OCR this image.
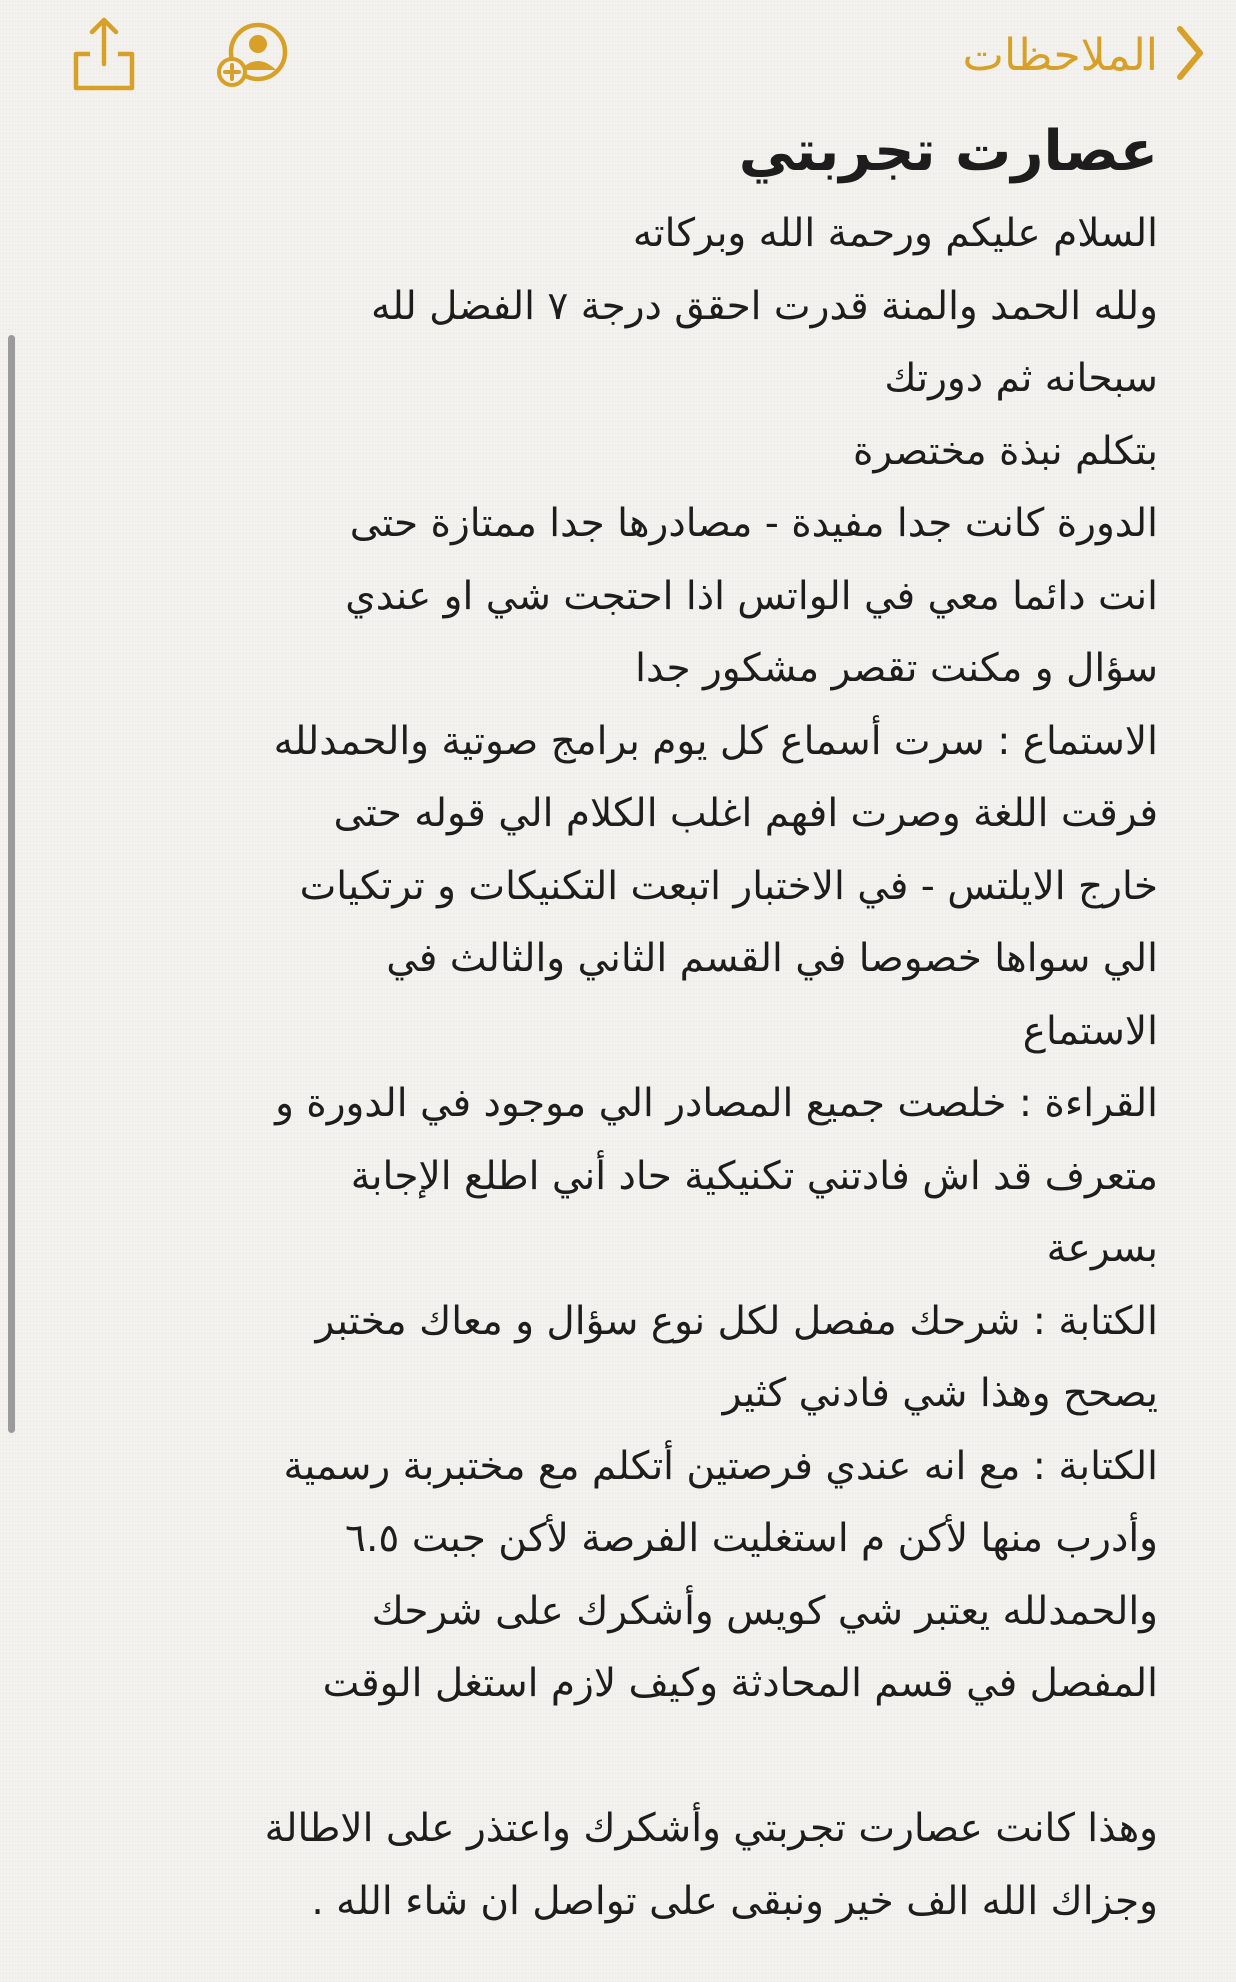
الملاحظات
عصارت تجربتي
السلام عليكم ورحمة الله وبركاته
ولله الحمد والمنة قدرت احقق درجة ٧ الفضل لله
سبحانه ثم دورتك
بتكلم نبذة مختصرة
الدورة كانت جدا مفيدة - مصادرها جدا ممتازة حتى
انت دائما معي في الواتس اذا احتجت شي او عندي
سؤال و مكنت تقصر مشكور جدا
الاستماع : سرت أسماع كل يوم برامج صوتية والحمدلله
فرقت اللغة وصرت افهم اغلب الكلام الي قوله حتى
خارج الايلتس - في الاختبار اتبعت التكنيكات و ترتكيات
الي سواها خصوصا في القسم الثاني والثالث في
الاستماع
القراءة : خلصت جميع المصادر الي موجود في الدورة و
متعرف قد اش فادتني تكنيكية حاد أني اطلع الإجابة
بسرعة
الكتابة : شرحك مفصل لكل نوع سؤال و معاك مختبر
يصحح وهذا شي فادني كثير
الكتابة : مع انه عندي فرصتين أتكلم مع مختبربة رسمية
وأدرب منها لأكن م استغليت الفرصة لأكن جبت ٦.٥
والحمدلله يعتبر شي كويس وأشكرك على شرحك
المفصل في قسم المحادثة وكيف لازم استغل الوقت
وهذا كانت عصارت تجربتي وأشكرك واعتذر على الاطالة
وجزاك الله الف خير ونبقى على تواصل ان شاء الله .
